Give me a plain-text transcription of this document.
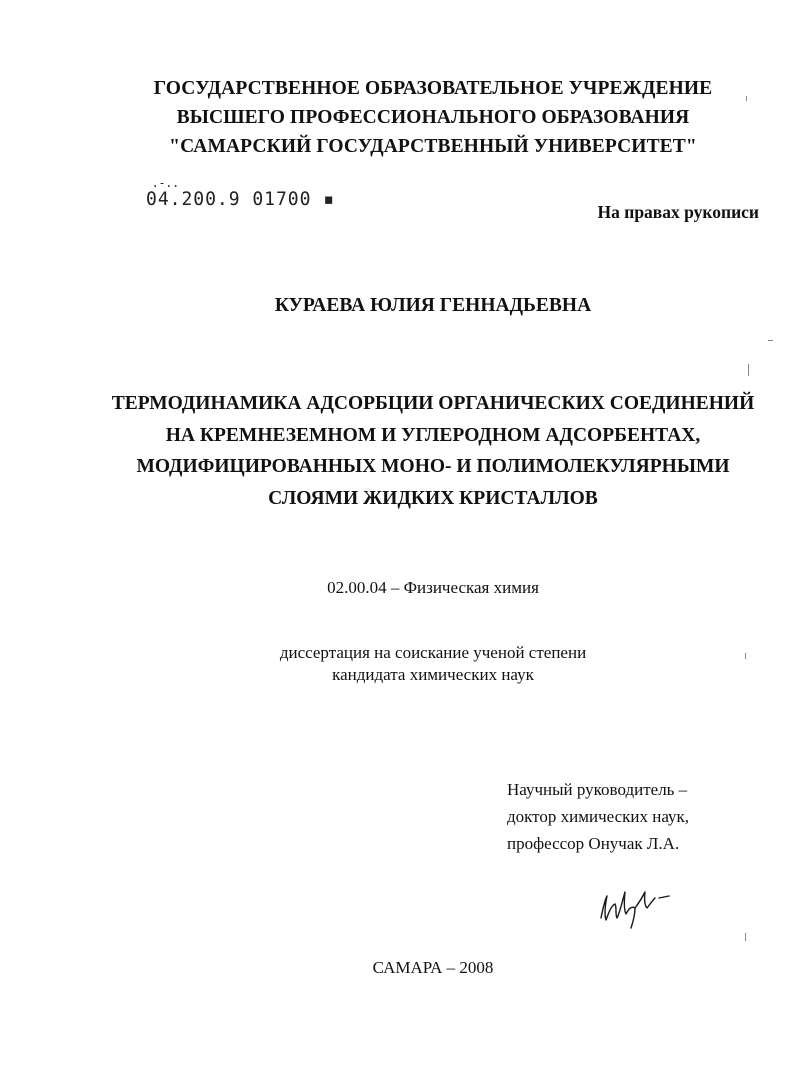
ГОСУДАРСТВЕННОЕ ОБРАЗОВАТЕЛЬНОЕ УЧРЕЖДЕНИЕ
ВЫСШЕГО ПРОФЕССИОНАЛЬНОГО ОБРАЗОВАНИЯ
"САМАРСКИЙ ГОСУДАРСТВЕННЫЙ УНИВЕРСИТЕТ"
.-..
04.200.9 01700 ▪
На правах рукописи
КУРАЕВА ЮЛИЯ ГЕННАДЬЕВНА
ТЕРМОДИНАМИКА АДСОРБЦИИ ОРГАНИЧЕСКИХ СОЕДИНЕНИЙ
НА КРЕМНЕЗЕМНОМ И УГЛЕРОДНОМ АДСОРБЕНТАХ,
МОДИФИЦИРОВАННЫХ МОНО- И ПОЛИМОЛЕКУЛЯРНЫМИ
СЛОЯМИ ЖИДКИХ КРИСТАЛЛОВ
02.00.04 – Физическая химия
диссертация на соискание ученой степени
кандидата химических наук
Научный руководитель –
доктор химических наук,
профессор Онучак Л.А.
САМАРА – 2008
